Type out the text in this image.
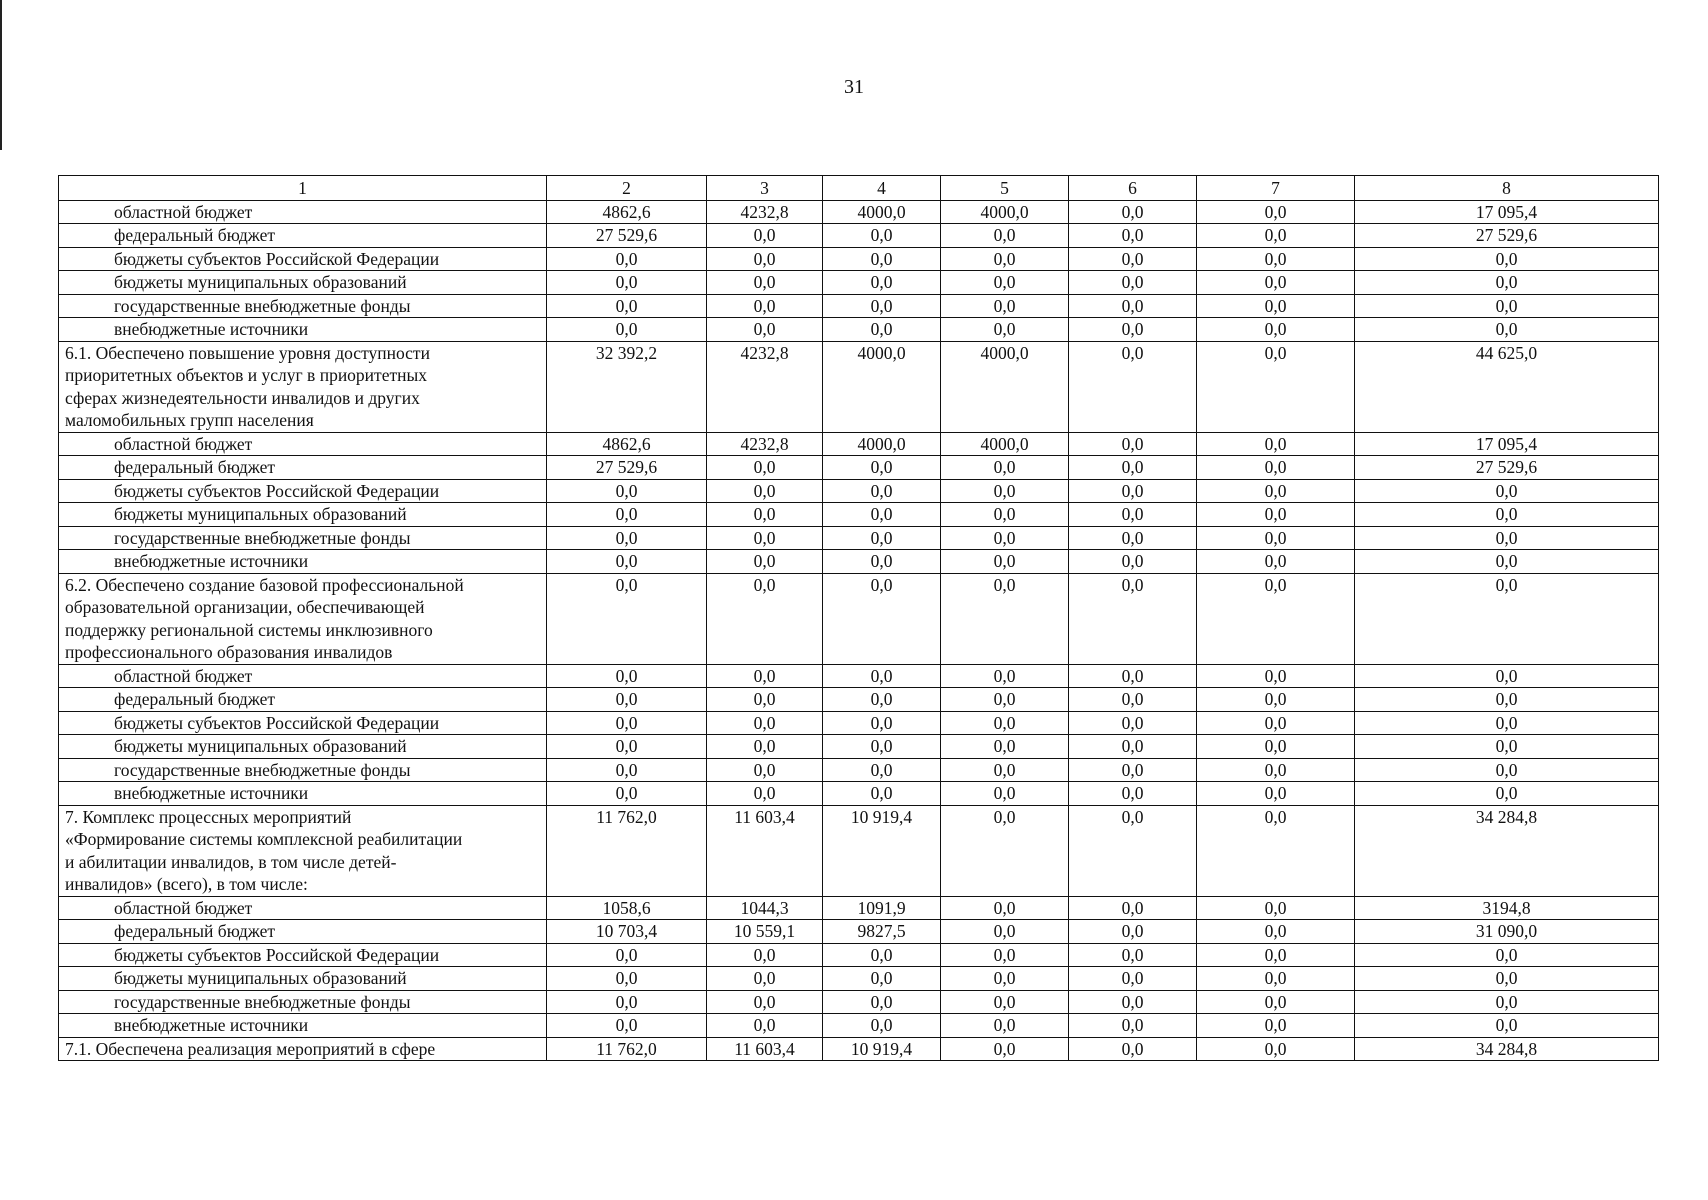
31
1	2	3	4	5	6	7	8
областной бюджет	4862,6	4232,8	4000,0	4000,0	0,0	0,0	17 095,4
федеральный бюджет	27 529,6	0,0	0,0	0,0	0,0	0,0	27 529,6
бюджеты субъектов Российской Федерации	0,0	0,0	0,0	0,0	0,0	0,0	0,0
бюджеты муниципальных образований	0,0	0,0	0,0	0,0	0,0	0,0	0,0
государственные внебюджетные фонды	0,0	0,0	0,0	0,0	0,0	0,0	0,0
внебюджетные источники	0,0	0,0	0,0	0,0	0,0	0,0	0,0
6.1. Обеспечено повышение уровня доступности
приоритетных объектов и услуг в приоритетных
сферах жизнедеятельности инвалидов и других
маломобильных групп населения	32 392,2	4232,8	4000,0	4000,0	0,0	0,0	44 625,0
областной бюджет	4862,6	4232,8	4000,0	4000,0	0,0	0,0	17 095,4
федеральный бюджет	27 529,6	0,0	0,0	0,0	0,0	0,0	27 529,6
бюджеты субъектов Российской Федерации	0,0	0,0	0,0	0,0	0,0	0,0	0,0
бюджеты муниципальных образований	0,0	0,0	0,0	0,0	0,0	0,0	0,0
государственные внебюджетные фонды	0,0	0,0	0,0	0,0	0,0	0,0	0,0
внебюджетные источники	0,0	0,0	0,0	0,0	0,0	0,0	0,0
6.2. Обеспечено создание базовой профессиональной
образовательной организации, обеспечивающей
поддержку региональной системы инклюзивного
профессионального образования инвалидов	0,0	0,0	0,0	0,0	0,0	0,0	0,0
областной бюджет	0,0	0,0	0,0	0,0	0,0	0,0	0,0
федеральный бюджет	0,0	0,0	0,0	0,0	0,0	0,0	0,0
бюджеты субъектов Российской Федерации	0,0	0,0	0,0	0,0	0,0	0,0	0,0
бюджеты муниципальных образований	0,0	0,0	0,0	0,0	0,0	0,0	0,0
государственные внебюджетные фонды	0,0	0,0	0,0	0,0	0,0	0,0	0,0
внебюджетные источники	0,0	0,0	0,0	0,0	0,0	0,0	0,0
7. Комплекс процессных мероприятий
«Формирование системы комплексной реабилитации
и абилитации инвалидов, в том числе детей-
инвалидов» (всего), в том числе:	11 762,0	11 603,4	10 919,4	0,0	0,0	0,0	34 284,8
областной бюджет	1058,6	1044,3	1091,9	0,0	0,0	0,0	3194,8
федеральный бюджет	10 703,4	10 559,1	9827,5	0,0	0,0	0,0	31 090,0
бюджеты субъектов Российской Федерации	0,0	0,0	0,0	0,0	0,0	0,0	0,0
бюджеты муниципальных образований	0,0	0,0	0,0	0,0	0,0	0,0	0,0
государственные внебюджетные фонды	0,0	0,0	0,0	0,0	0,0	0,0	0,0
внебюджетные источники	0,0	0,0	0,0	0,0	0,0	0,0	0,0
7.1. Обеспечена реализация мероприятий в сфере	11 762,0	11 603,4	10 919,4	0,0	0,0	0,0	34 284,8
